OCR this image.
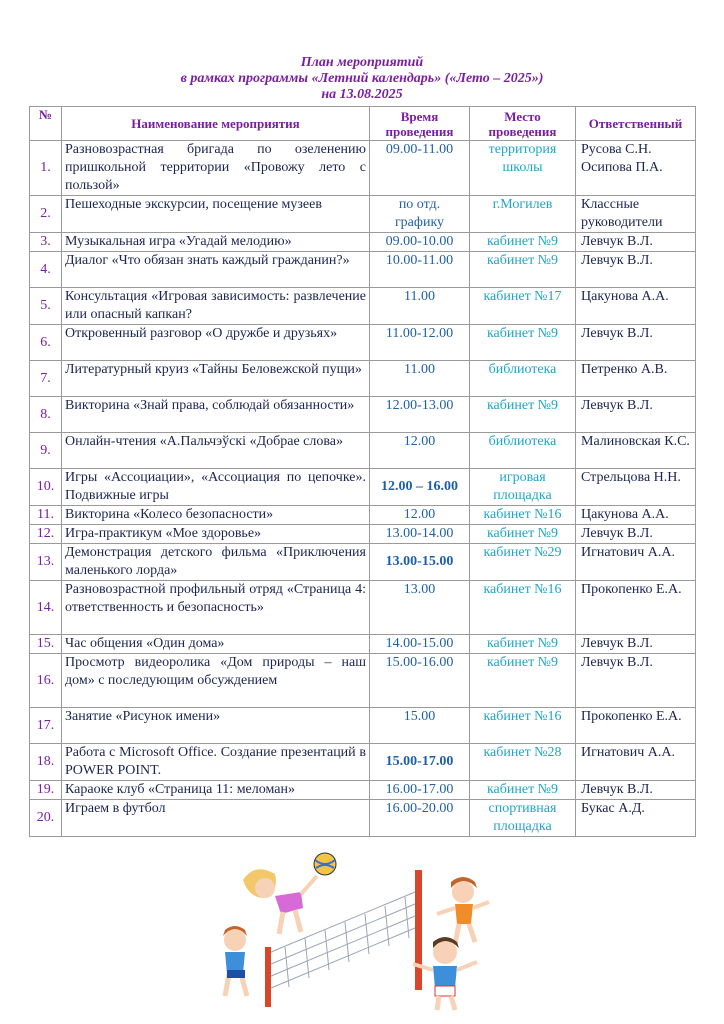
План мероприятий
в рамках программы «Летний календарь» («Лето – 2025»)
на 13.08.2025
№	Наименование мероприятия	Время проведения	Место проведения	Ответственный
1.	Разновозрастная бригада по озеленению пришкольной территории «Провожу лето с пользой»	09.00-11.00	территория школы	Русова С.Н. Осипова П.А.
2.	Пешеходные экскурсии, посещение музеев	по отд. графику	г.Могилев	Классные руководители
3.	Музыкальная игра «Угадай мелодию»	09.00-10.00	кабинет №9	Левчук В.Л.
4.	Диалог «Что обязан знать каждый гражданин?»	10.00-11.00	кабинет №9	Левчук В.Л.
5.	Консультация «Игровая зависимость: развлечение или опасный капкан?	11.00	кабинет №17	Цакунова А.А.
6.	Откровенный разговор «О дружбе и друзьях»	11.00-12.00	кабинет №9	Левчук В.Л.
7.	Литературный круиз «Тайны Беловежской пущи»	11.00	библиотека	Петренко А.В.
8.	Викторина «Знай права, соблюдай обязанности»	12.00-13.00	кабинет №9	Левчук В.Л.
9.	Онлайн-чтения «А.Пальчэўскі «Добрае слова»	12.00	библиотека	Малиновская К.С.
10.	Игры «Ассоциации», «Ассоциация по цепочке». Подвижные игры	12.00 – 16.00	игровая площадка	Стрельцова Н.Н.
11.	Викторина «Колесо безопасности»	12.00	кабинет №16	Цакунова А.А.
12.	Игра-практикум «Мое здоровье»	13.00-14.00	кабинет №9	Левчук В.Л.
13.	Демонстрация детского фильма «Приключения маленького лорда»	13.00-15.00	кабинет №29	Игнатович А.А.
14.	Разновозрастной профильный отряд «Страница 4: ответственность и безопасность»	13.00	кабинет №16	Прокопенко Е.А.
15.	Час общения «Один дома»	14.00-15.00	кабинет №9	Левчук В.Л.
16.	Просмотр видеоролика «Дом природы – наш дом» с последующим обсуждением	15.00-16.00	кабинет №9	Левчук В.Л.
17.	Занятие «Рисунок имени»	15.00	кабинет №16	Прокопенко Е.А.
18.	Работа с Microsoft Office. Создание презентаций в POWER POINT.	15.00-17.00	кабинет №28	Игнатович А.А.
19.	Караоке клуб «Страница 11: меломан»	16.00-17.00	кабинет №9	Левчук В.Л.
20.	Играем в футбол	16.00-20.00	спортивная площадка	Букас А.Д.
